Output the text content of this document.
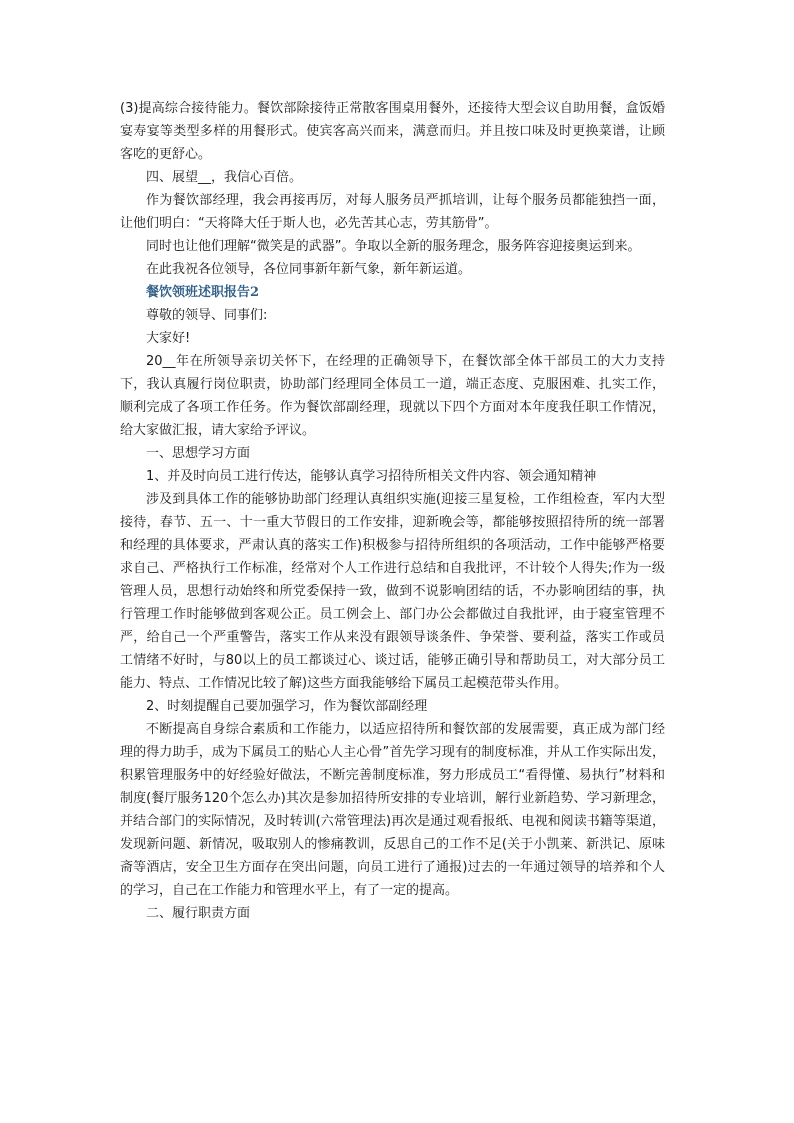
(3)提高综合接待能力。餐饮部除接待正常散客围桌用餐外，还接待大型会议自助用餐，盒饭婚宴寿宴等类型多样的用餐形式。使宾客高兴而来，满意而归。并且按口味及时更换菜谱，让顾客吃的更舒心。

四、展望__，我信心百倍。

作为餐饮部经理，我会再接再厉，对每人服务员严抓培训，让每个服务员都能独挡一面，让他们明白：“天将降大任于斯人也，必先苦其心志，劳其筋骨”。

同时也让他们理解“微笑是的武器”。争取以全新的服务理念，服务阵容迎接奥运到来。

在此我祝各位领导，各位同事新年新气象，新年新运道。

餐饮领班述职报告2

尊敬的领导、同事们:

大家好!

20__年在所领导亲切关怀下，在经理的正确领导下，在餐饮部全体干部员工的大力支持下，我认真履行岗位职责，协助部门经理同全体员工一道，端正态度、克服困难、扎实工作，顺利完成了各项工作任务。作为餐饮部副经理，现就以下四个方面对本年度我任职工作情况，给大家做汇报，请大家给予评议。

一、思想学习方面

1、并及时向员工进行传达，能够认真学习招待所相关文件内容、领会通知精神

涉及到具体工作的能够协助部门经理认真组织实施(迎接三星复检，工作组检查，军内大型接待，春节、五一、十一重大节假日的工作安排，迎新晚会等，都能够按照招待所的统一部署和经理的具体要求，严肃认真的落实工作)积极参与招待所组织的各项活动，工作中能够严格要求自己、严格执行工作标准，经常对个人工作进行总结和自我批评，不计较个人得失;作为一级管理人员，思想行动始终和所党委保持一致，做到不说影响团结的话，不办影响团结的事，执行管理工作时能够做到客观公正。员工例会上、部门办公会都做过自我批评，由于寝室管理不严，给自己一个严重警告，落实工作从来没有跟领导谈条件、争荣誉、要利益，落实工作或员工情绪不好时，与80以上的员工都谈过心、谈过话，能够正确引导和帮助员工，对大部分员工能力、特点、工作情况比较了解)这些方面我能够给下属员工起模范带头作用。

2、时刻提醒自己要加强学习，作为餐饮部副经理

不断提高自身综合素质和工作能力，以适应招待所和餐饮部的发展需要，真正成为部门经理的得力助手，成为下属员工的贴心人主心骨”首先学习现有的制度标准，并从工作实际出发，积累管理服务中的好经验好做法，不断完善制度标准，努力形成员工“看得懂、易执行”材料和制度(餐厅服务120个怎么办)其次是参加招待所安排的专业培训，解行业新趋势、学习新理念，并结合部门的实际情况，及时转训(六常管理法)再次是通过观看报纸、电视和阅读书籍等渠道，发现新问题、新情况，吸取别人的惨痛教训，反思自己的工作不足(关于小凯莱、新洪记、原味斋等酒店，安全卫生方面存在突出问题，向员工进行了通报)过去的一年通过领导的培养和个人的学习，自己在工作能力和管理水平上，有了一定的提高。

二、履行职责方面
